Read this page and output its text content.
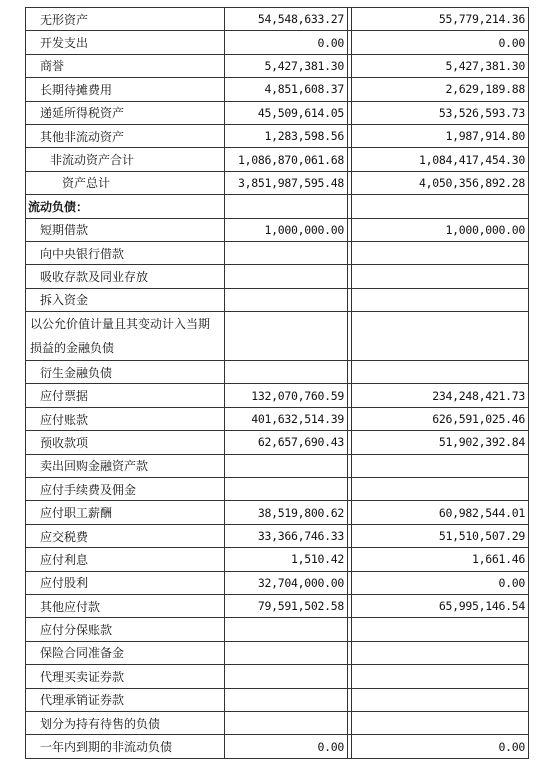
无形资产	54,548,633.27		55,779,214.36
开发支出	0.00		0.00
商誉	5,427,381.30		5,427,381.30
长期待摊费用	4,851,608.37		2,629,189.88
递延所得税资产	45,509,614.05		53,526,593.73
其他非流动资产	1,283,598.56		1,987,914.80
非流动资产合计	1,086,870,061.68		1,084,417,454.30
资产总计	3,851,987,595.48		4,050,356,892.28
流动负债：			
短期借款	1,000,000.00		1,000,000.00
向中央银行借款			
吸收存款及同业存放			
拆入资金			
以公允价值计量且其变动计入当期损益的金融负债			
衍生金融负债			
应付票据	132,070,760.59		234,248,421.73
应付账款	401,632,514.39		626,591,025.46
预收款项	62,657,690.43		51,902,392.84
卖出回购金融资产款			
应付手续费及佣金			
应付职工薪酬	38,519,800.62		60,982,544.01
应交税费	33,366,746.33		51,510,507.29
应付利息	1,510.42		1,661.46
应付股利	32,704,000.00		0.00
其他应付款	79,591,502.58		65,995,146.54
应付分保账款			
保险合同准备金			
代理买卖证券款			
代理承销证券款			
划分为持有待售的负债			
一年内到期的非流动负债	0.00		0.00
